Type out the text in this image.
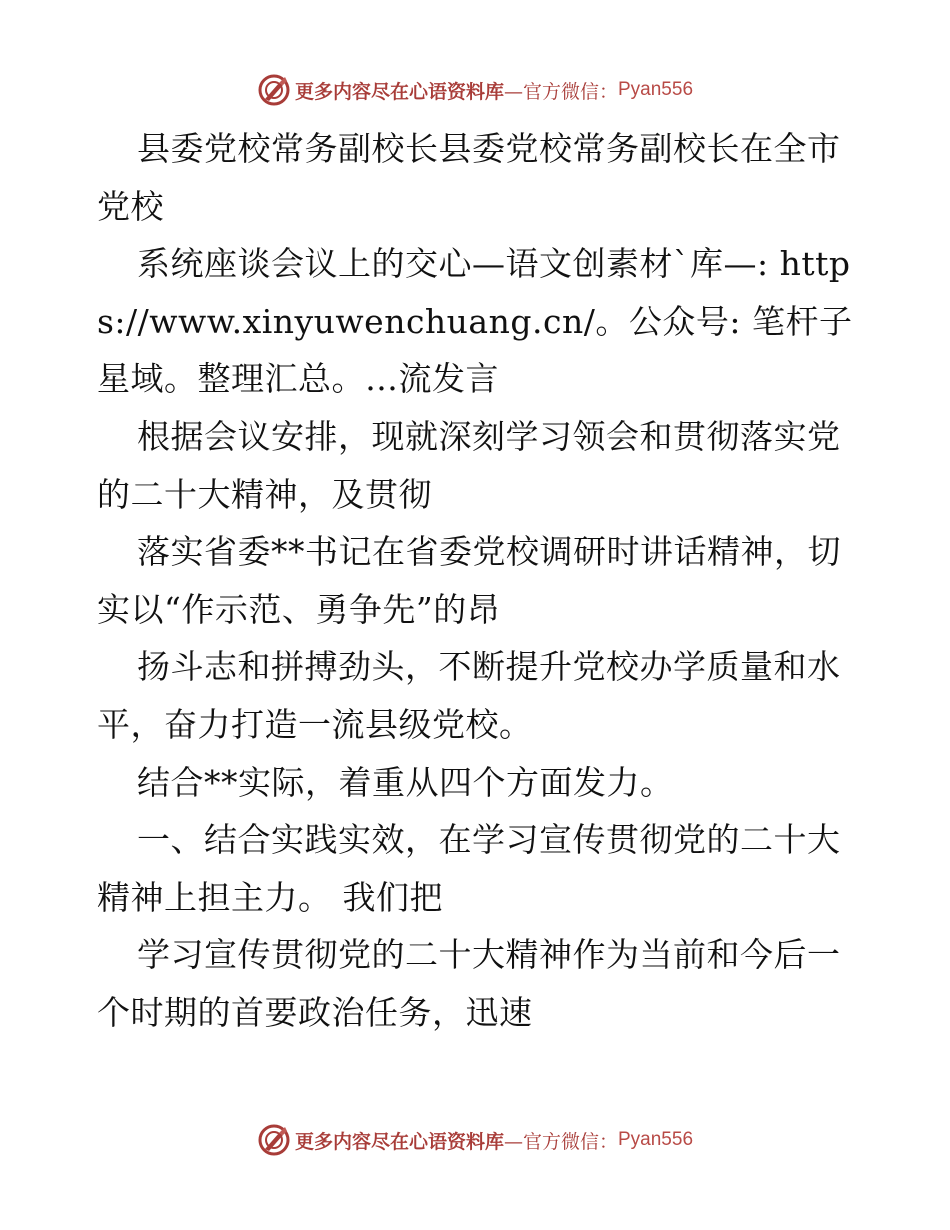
更多内容尽在心语资料库 —官方微信： Pyan556

县委党校常务副校长县委党校常务副校长在全市党校

系统座谈会议上的交心—语文创素材`库—: https://www.xinyuwenchuang.cn/。公众号: 笔杆子星域。整理汇总。…流发言

根据会议安排，现就深刻学习领会和贯彻落实党的二十大精神，及贯彻

落实省委**书记在省委党校调研时讲话精神，切实以“作示范、勇争先”的昂

扬斗志和拼搏劲头，不断提升党校办学质量和水平，奋力打造一流县级党校。

结合**实际，着重从四个方面发力。

一、结合实践实效，在学习宣传贯彻党的二十大精神上担主力。 我们把

学习宣传贯彻党的二十大精神作为当前和今后一个时期的首要政治任务，迅速

更多内容尽在心语资料库 —官方微信： Pyan556
